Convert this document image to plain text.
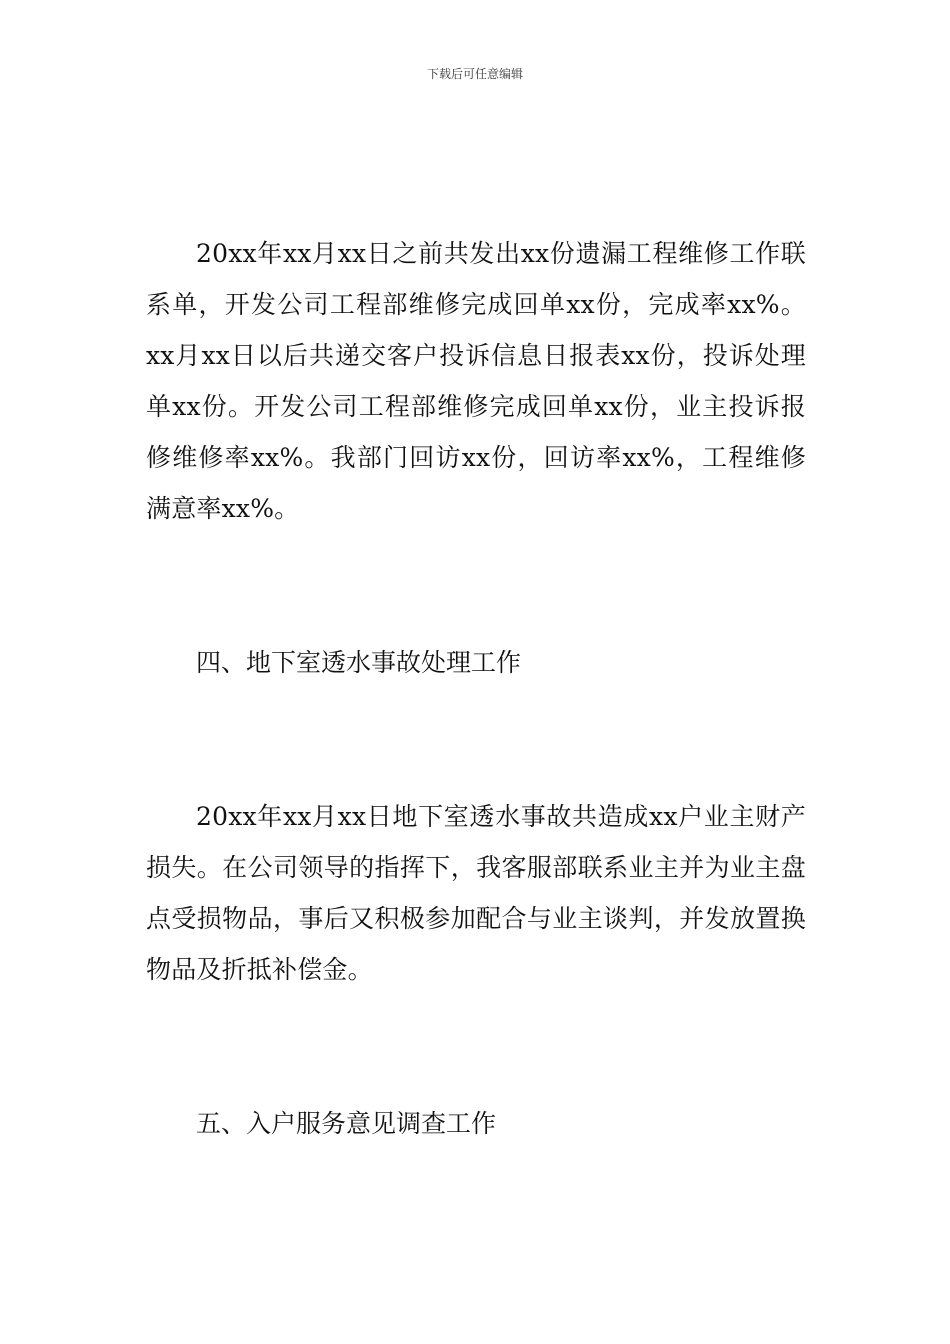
下载后可任意编辑

20xx年xx月xx日之前共发出xx份遗漏工程维修工作联系单，开发公司工程部维修完成回单xx份，完成率xx%。xx月xx日以后共递交客户投诉信息日报表xx份，投诉处理单xx份。开发公司工程部维修完成回单xx份，业主投诉报修维修率xx%。我部门回访xx份，回访率xx%，工程维修满意率xx%。

四、地下室透水事故处理工作

20xx年xx月xx日地下室透水事故共造成xx户业主财产损失。在公司领导的指挥下，我客服部联系业主并为业主盘点受损物品，事后又积极参加配合与业主谈判，并发放置换物品及折抵补偿金。

五、入户服务意见调查工作
